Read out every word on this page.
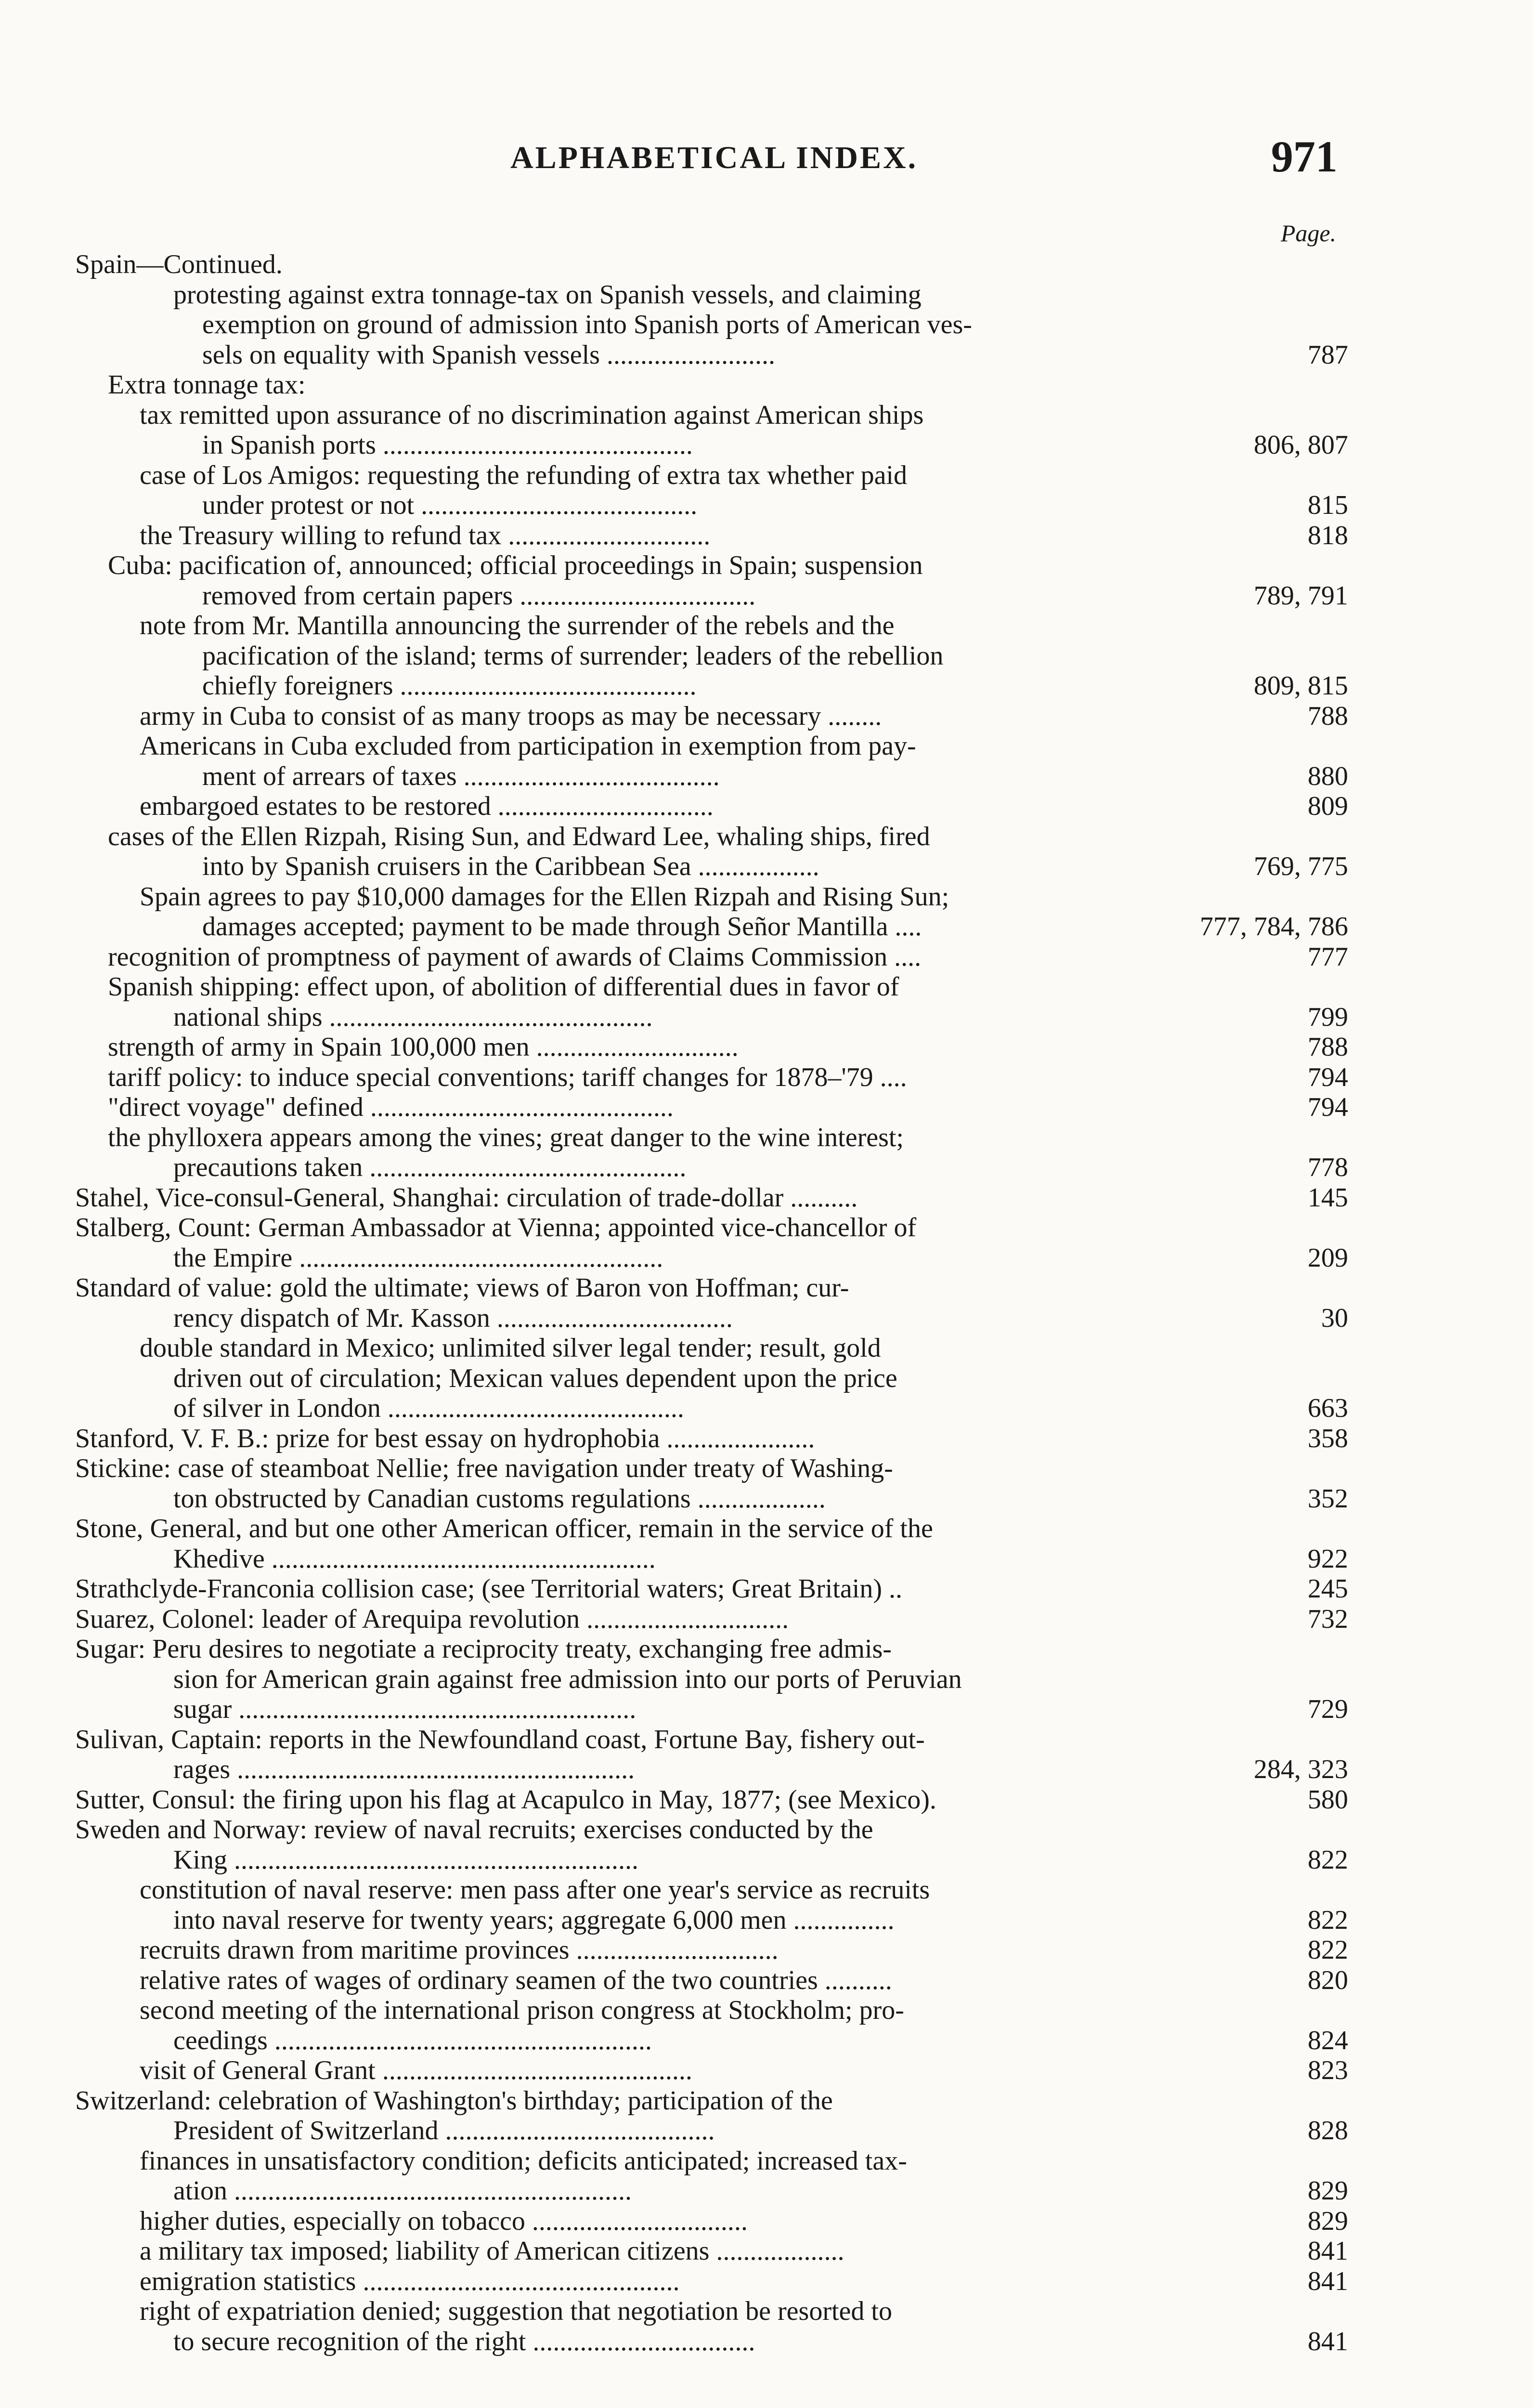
ALPHABETICAL INDEX.	971
Page.
Spain—Continued.
protesting against extra tonnage-tax on Spanish vessels, and claiming
exemption on ground of admission into Spanish ports of American ves-
sels on equality with Spanish vessels .........................	787
Extra tonnage tax:
tax remitted upon assurance of no discrimination against American ships
in Spanish ports ..............................................	806, 807
case of Los Amigos: requesting the refunding of extra tax whether paid
under protest or not .........................................	815
the Treasury willing to refund tax ..............................	818
Cuba: pacification of, announced; official proceedings in Spain; suspension
removed from certain papers ...................................	789, 791
note from Mr. Mantilla announcing the surrender of the rebels and the
pacification of the island; terms of surrender; leaders of the rebellion
chiefly foreigners ............................................	809, 815
army in Cuba to consist of as many troops as may be necessary ........	788
Americans in Cuba excluded from participation in exemption from pay-
ment of arrears of taxes ......................................	880
embargoed estates to be restored ................................	809
cases of the Ellen Rizpah, Rising Sun, and Edward Lee, whaling ships, fired
into by Spanish cruisers in the Caribbean Sea ..................	769, 775
Spain agrees to pay $10,000 damages for the Ellen Rizpah and Rising Sun;
damages accepted; payment to be made through Señor Mantilla ....	777, 784, 786
recognition of promptness of payment of awards of Claims Commission ....	777
Spanish shipping: effect upon, of abolition of differential dues in favor of
national ships ................................................	799
strength of army in Spain 100,000 men ..............................	788
tariff policy: to induce special conventions; tariff changes for 1878–'79 ....	794
"direct voyage" defined .............................................	794
the phylloxera appears among the vines; great danger to the wine interest;
precautions taken ...............................................	778
Stahel, Vice-consul-General, Shanghai: circulation of trade-dollar ..........	145
Stalberg, Count: German Ambassador at Vienna; appointed vice-chancellor of
the Empire ......................................................	209
Standard of value: gold the ultimate; views of Baron von Hoffman; cur-
rency dispatch of Mr. Kasson ...................................	30
double standard in Mexico; unlimited silver legal tender; result, gold
driven out of circulation; Mexican values dependent upon the price
of silver in London ............................................	663
Stanford, V. F. B.: prize for best essay on hydrophobia ......................	358
Stickine: case of steamboat Nellie; free navigation under treaty of Washing-
ton obstructed by Canadian customs regulations ...................	352
Stone, General, and but one other American officer, remain in the service of the
Khedive .........................................................	922
Strathclyde-Franconia collision case; (see Territorial waters; Great Britain) ..	245
Suarez, Colonel: leader of Arequipa revolution ..............................	732
Sugar: Peru desires to negotiate a reciprocity treaty, exchanging free admis-
sion for American grain against free admission into our ports of Peruvian
sugar ...........................................................	729
Sulivan, Captain: reports in the Newfoundland coast, Fortune Bay, fishery out-
rages ...........................................................	284, 323
Sutter, Consul: the firing upon his flag at Acapulco in May, 1877; (see Mexico).	580
Sweden and Norway: review of naval recruits; exercises conducted by the
King ............................................................	822
constitution of naval reserve: men pass after one year's service as recruits
into naval reserve for twenty years; aggregate 6,000 men ...............	822
recruits drawn from maritime provinces ..............................	822
relative rates of wages of ordinary seamen of the two countries ..........	820
second meeting of the international prison congress at Stockholm; pro-
ceedings ........................................................	824
visit of General Grant ..............................................	823
Switzerland: celebration of Washington's birthday; participation of the
President of Switzerland ........................................	828
finances in unsatisfactory condition; deficits anticipated; increased tax-
ation ...........................................................	829
higher duties, especially on tobacco ................................	829
a military tax imposed; liability of American citizens ...................	841
emigration statistics ...............................................	841
right of expatriation denied; suggestion that negotiation be resorted to
to secure recognition of the right .................................	841
